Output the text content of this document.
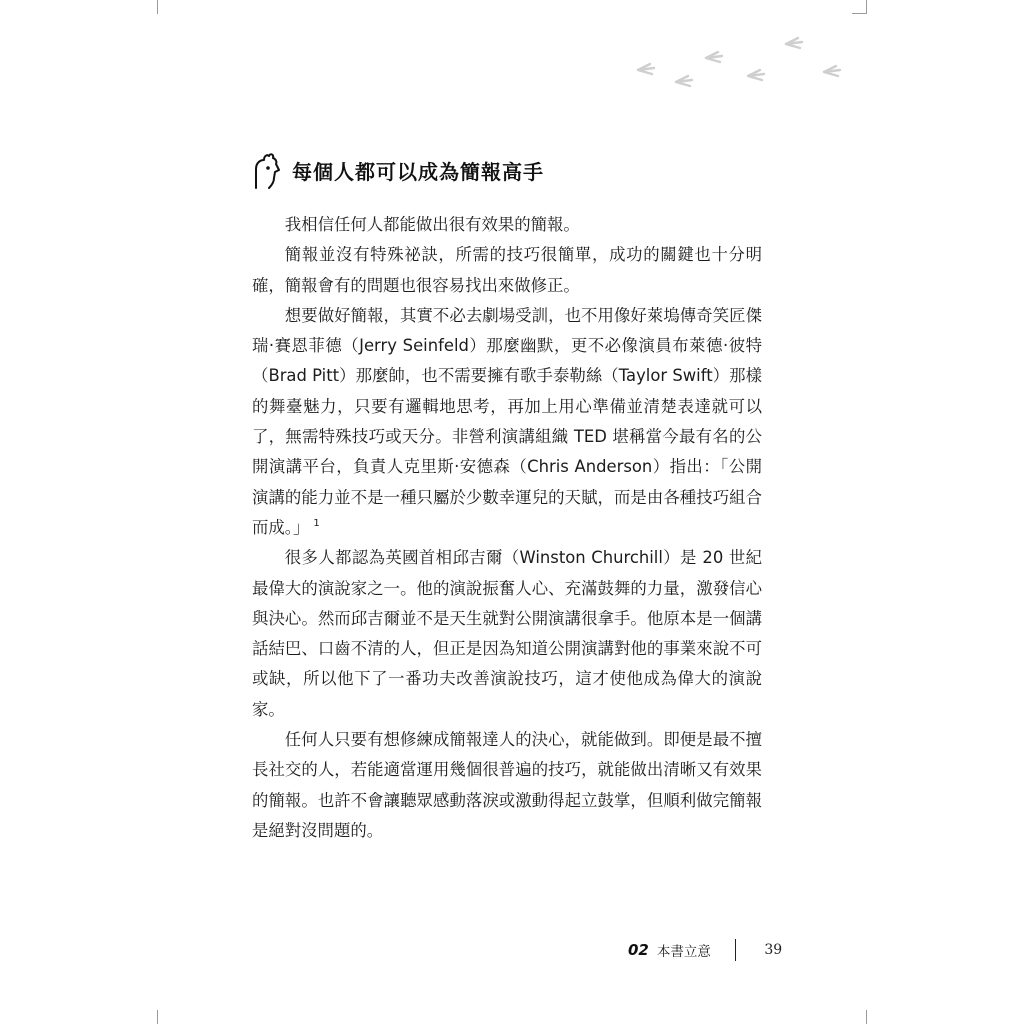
每個人都可以成為簡報高手

我相信任何人都能做出很有效果的簡報。

簡報並沒有特殊祕訣，所需的技巧很簡單，成功的關鍵也十分明確，簡報會有的問題也很容易找出來做修正。

想要做好簡報，其實不必去劇場受訓，也不用像好萊塢傳奇笑匠傑瑞·賽恩菲德（Jerry Seinfeld）那麼幽默，更不必像演員布萊德·彼特（Brad Pitt）那麼帥，也不需要擁有歌手泰勒絲（Taylor Swift）那樣的舞臺魅力，只要有邏輯地思考，再加上用心準備並清楚表達就可以了，無需特殊技巧或天分。非營利演講組織 TED 堪稱當今最有名的公開演講平台，負責人克里斯·安德森（Chris Anderson）指出：「公開演講的能力並不是一種只屬於少數幸運兒的天賦，而是由各種技巧組合而成。」 $^1$

很多人都認為英國首相邱吉爾（Winston Churchill）是 20 世紀最偉大的演說家之一。他的演說振奮人心、充滿鼓舞的力量，激發信心與決心。然而邱吉爾並不是天生就對公開演講很拿手。他原本是一個講話結巴、口齒不清的人，但正是因為知道公開演講對他的事業來說不可或缺，所以他下了一番功夫改善演說技巧，這才使他成為偉大的演說家。

任何人只要有想修練成簡報達人的決心，就能做到。即便是最不擅長社交的人，若能適當運用幾個很普遍的技巧，就能做出清晰又有效果的簡報。也許不會讓聽眾感動落淚或激動得起立鼓掌，但順利做完簡報是絕對沒問題的。

02 本書立意	39
